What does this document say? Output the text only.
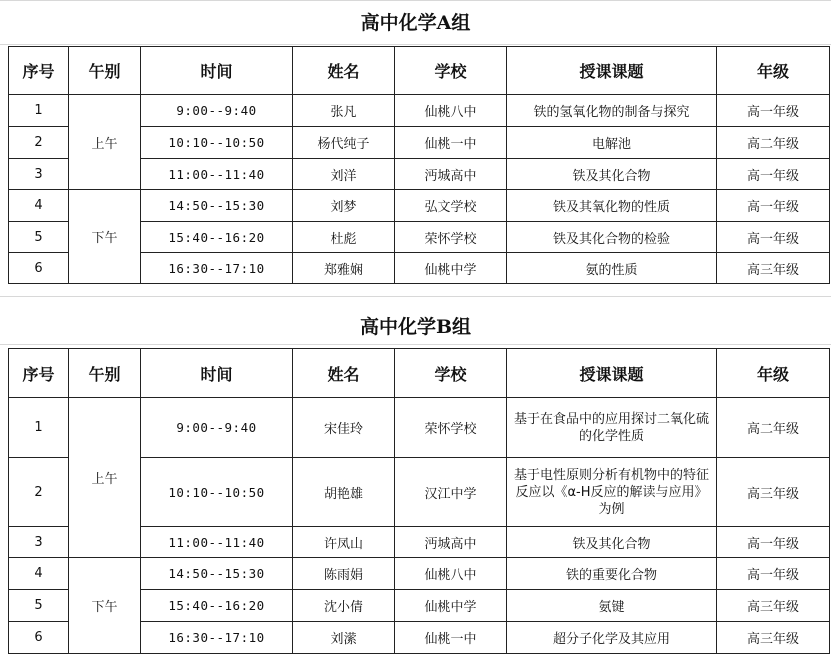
高中化学A组
序号	午别	时间	姓名	学校	授课课题	年级
1	上午	9:00--9:40	张凡	仙桃八中	铁的氢氧化物的制备与探究	高一年级
2		10:10--10:50	杨代纯子	仙桃一中	电解池	高二年级
3		11:00--11:40	刘洋	沔城高中	铁及其化合物	高一年级
4	下午	14:50--15:30	刘梦	弘文学校	铁及其氧化物的性质	高一年级
5		15:40--16:20	杜彪	荣怀学校	铁及其化合物的检验	高一年级
6		16:30--17:10	郑雅娴	仙桃中学	氨的性质	高三年级
高中化学B组
序号	午别	时间	姓名	学校	授课课题	年级
1	上午	9:00--9:40	宋佳玲	荣怀学校	基于在食品中的应用探讨二氧化硫的化学性质	高二年级
2		10:10--10:50	胡艳雄	汉江中学	基于电性原则分析有机物中的特征反应以《α-H反应的解读与应用》为例	高三年级
3		11:00--11:40	许凤山	沔城高中	铁及其化合物	高一年级
4	下午	14:50--15:30	陈雨娟	仙桃八中	铁的重要化合物	高一年级
5		15:40--16:20	沈小倩	仙桃中学	氨键	高三年级
6		16:30--17:10	刘潆	仙桃一中	超分子化学及其应用	高三年级
